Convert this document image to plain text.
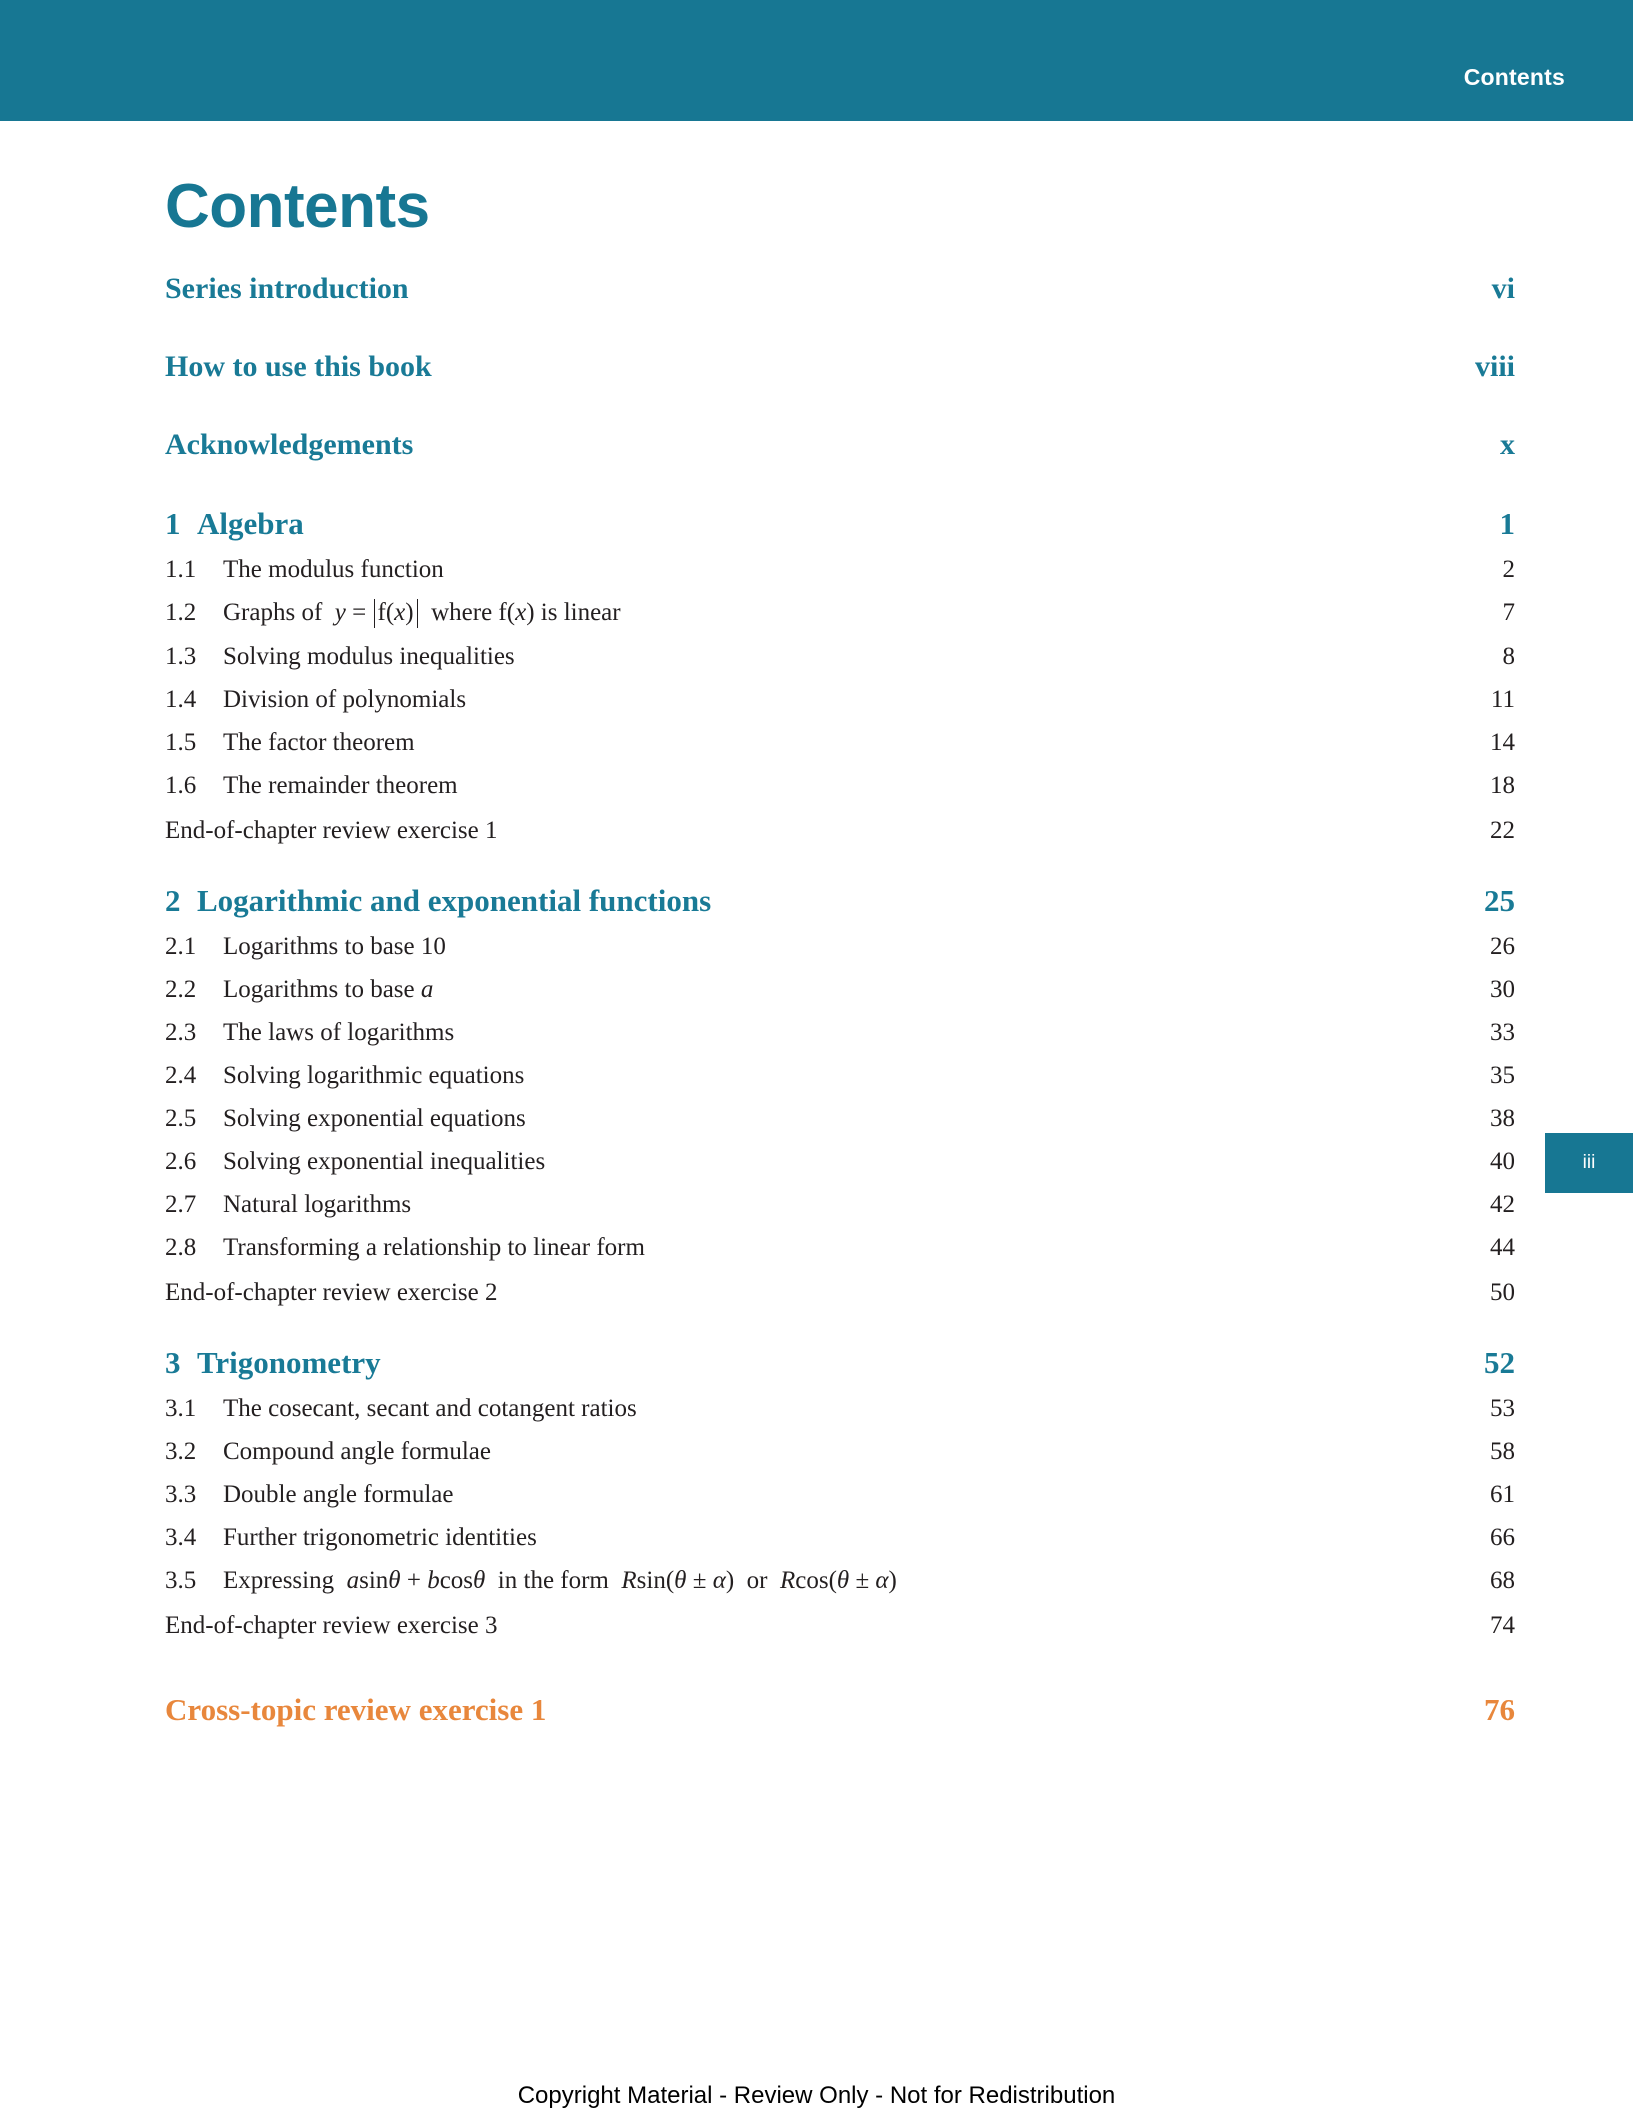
Contents
Contents
Series introduction	vi
How to use this book	viii
Acknowledgements	x
1 Algebra	1
1.1 The modulus function	2
1.2 Graphs of y = f(x) where f(x) is linear	7
1.3 Solving modulus inequalities	8
1.4 Division of polynomials	11
1.5 The factor theorem	14
1.6 The remainder theorem	18
End-of-chapter review exercise 1	22
2 Logarithmic and exponential functions	25
2.1 Logarithms to base 10	26
2.2 Logarithms to base a	30
2.3 The laws of logarithms	33
2.4 Solving logarithmic equations	35
2.5 Solving exponential equations	38
2.6 Solving exponential inequalities	40
2.7 Natural logarithms	42
2.8 Transforming a relationship to linear form	44
End-of-chapter review exercise 2	50
3 Trigonometry	52
3.1 The cosecant, secant and cotangent ratios	53
3.2 Compound angle formulae	58
3.3 Double angle formulae	61
3.4 Further trigonometric identities	66
3.5 Expressing asinθ + bcosθ in the form Rsin(θ ± α) or Rcos(θ ± α)	68
End-of-chapter review exercise 3	74
Cross-topic review exercise 1	76
iii
Copyright Material - Review Only - Not for Redistribution
